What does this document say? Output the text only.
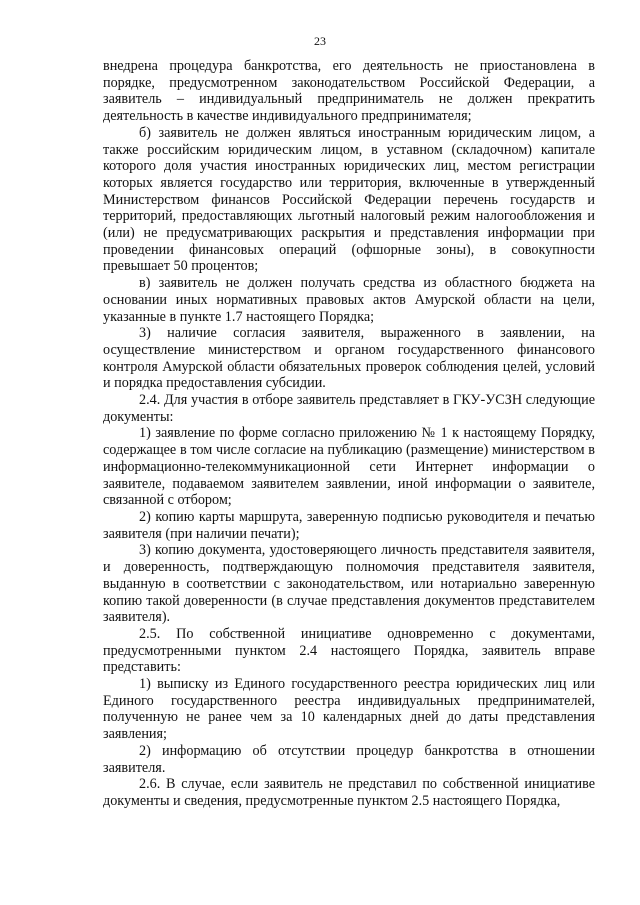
23

внедрена процедура банкротства, его деятельность не приостановлена в порядке, предусмотренном законодательством Российской Федерации, а заявитель – индивидуальный предприниматель не должен прекратить деятельность в качестве индивидуального предпринимателя;

б) заявитель не должен являться иностранным юридическим лицом, а также российским юридическим лицом, в уставном (складочном) капитале которого доля участия иностранных юридических лиц, местом регистрации которых является государство или территория, включенные в утвержденный Министерством финансов Российской Федерации перечень государств и территорий, предоставляющих льготный налоговый режим налогообложения и (или) не предусматривающих раскрытия и представления информации при проведении финансовых операций (офшорные зоны), в совокупности превышает 50 процентов;

в) заявитель не должен получать средства из областного бюджета на основании иных нормативных правовых актов Амурской области на цели, указанные в пункте 1.7 настоящего Порядка;

3) наличие согласия заявителя, выраженного в заявлении, на осуществление министерством и органом государственного финансового контроля Амурской области обязательных проверок соблюдения целей, условий и порядка предоставления субсидии.

2.4. Для участия в отборе заявитель представляет в ГКУ-УСЗН следующие документы:

1) заявление по форме согласно приложению № 1 к настоящему Порядку, содержащее в том числе согласие на публикацию (размещение) министерством в информационно-телекоммуникационной сети Интернет информации о заявителе, подаваемом заявителем заявлении, иной информации о заявителе, связанной с отбором;

2) копию карты маршрута, заверенную подписью руководителя и печатью заявителя (при наличии печати);

3) копию документа, удостоверяющего личность представителя заявителя, и доверенность, подтверждающую полномочия представителя заявителя, выданную в соответствии с законодательством, или нотариально заверенную копию такой доверенности (в случае представления документов представителем заявителя).

2.5. По собственной инициативе одновременно с документами, предусмотренными пунктом 2.4 настоящего Порядка, заявитель вправе представить:

1) выписку из Единого государственного реестра юридических лиц или Единого государственного реестра индивидуальных предпринимателей, полученную не ранее чем за 10 календарных дней до даты представления заявления;

2) информацию об отсутствии процедур банкротства в отношении заявителя.

2.6. В случае, если заявитель не представил по собственной инициативе документы и сведения, предусмотренные пунктом 2.5 настоящего Порядка,
